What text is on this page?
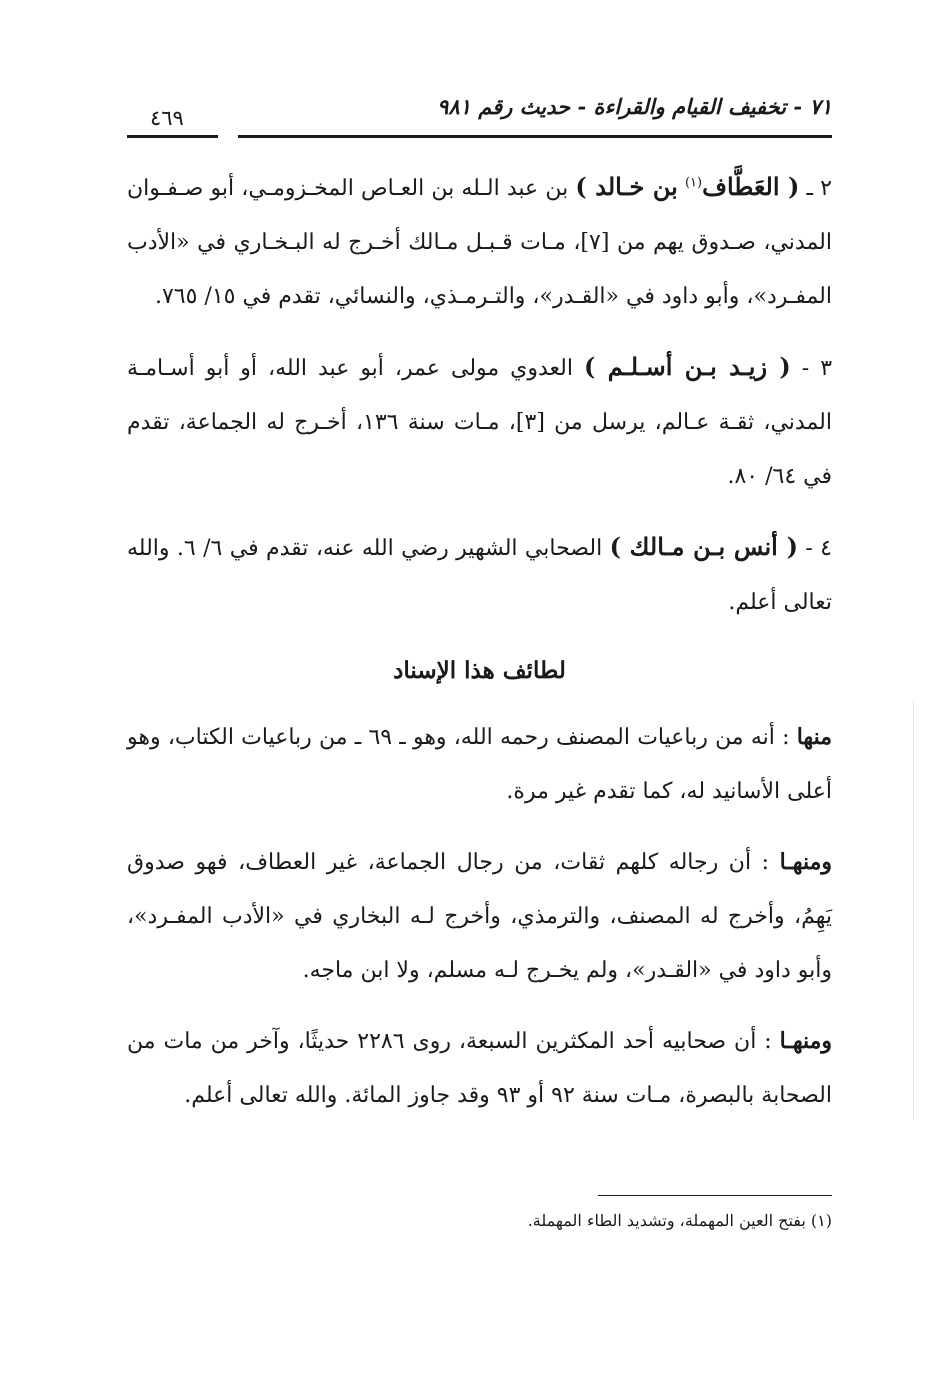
٧١ - تخفيف القيام والقراءة - حديث رقم ٩٨١
٤٦٩

٢ ـ ( العَطَّاف$^{(١)}$ بن خـالد ) بن عبد الـله بن العـاص المخـزومـي، أبو صـفـوان المدني، صـدوق يهم من [٧]، مـات قـبـل مـالك أخـرج له البـخـاري في «الأدب المفـرد»، وأبو داود في «القـدر»، والتـرمـذي، والنسائي، تقدم في ١٥/ ٧٦٥.

٣ - ( زيـد بـن أسـلـم ) العدوي مولى عمر، أبو عبد الله، أو أبو أسـامـة المدني، ثقـة عـالم، يرسل من [٣]، مـات سنة ١٣٦، أخـرج له الجماعة، تقدم في ٦٤/ ٨٠.

٤ - ( أنس بـن مـالك ) الصحابي الشهير رضي الله عنه، تقدم في ٦/ ٦. والله تعالى أعلم.

لطائف هذا الإسناد

منها : أنه من رباعيات المصنف رحمه الله، وهو ـ ٦٩ ـ من رباعيات الكتاب، وهو أعلى الأسانيد له، كما تقدم غير مرة.

ومنهـا : أن رجاله كلهم ثقات، من رجال الجماعة، غير العطاف، فهو صدوق يَهِمُ، وأخرج له المصنف، والترمذي، وأخرج لـه البخاري في «الأدب المفـرد»، وأبو داود في «القـدر»، ولم يخـرج لـه مسلم، ولا ابن ماجه.

ومنهـا : أن صحابيه أحد المكثرين السبعة، روى ٢٢٨٦ حديثًا، وآخر من مات من الصحابة بالبصرة، مـات سنة ٩٢ أو ٩٣ وقد جاوز المائة. والله تعالى أعلم.

(١) بفتح العين المهملة، وتشديد الطاء المهملة.
